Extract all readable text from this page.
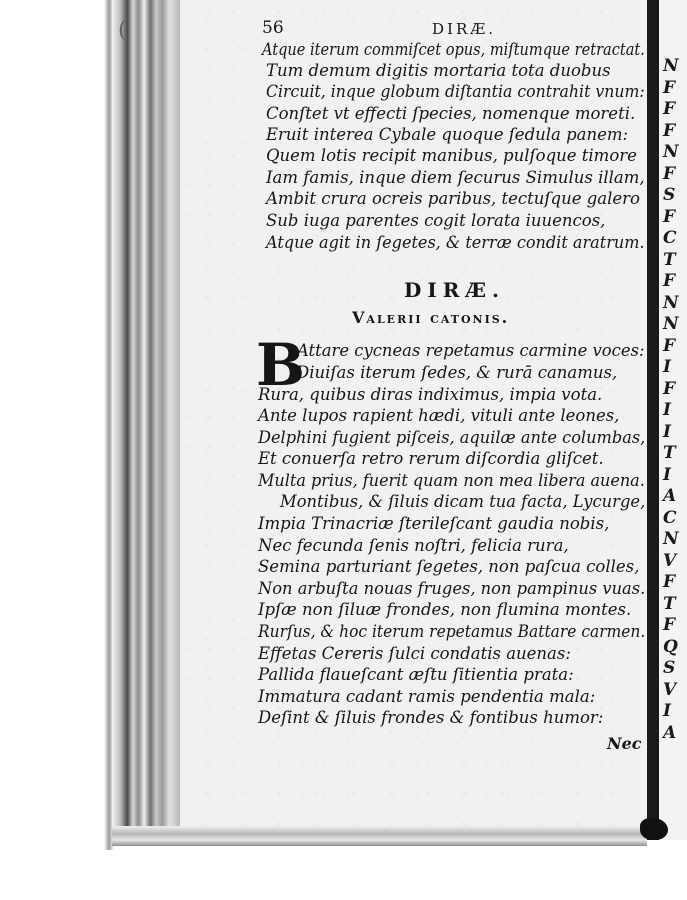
(
N
F
F
F
N
F
S
F
C
T
F
N
N
F
I
F
I
I
T
I
A
C
N
V
F
T
F
Q
S
V
I
A
56	DIRÆ.
Atque iterum commiſcet opus, miſtumque retractat.
Tum demum digitis mortaria tota duobus
Circuit, inque globum diſtantia contrahit vnum:
Conſtet vt effecti ſpecies, nomenque moreti.
Eruit interea Cybale quoque ſedula panem:
Quem lotis recipit manibus, pulſoque timore
Iam famis, inque diem ſecurus Simulus illam,
Ambit crura ocreis paribus, tectuſque galero
Sub iuga parentes cogit lorata iuuencos,
Atque agit in ſegetes, & terræ condit aratrum.
DIRÆ.
Valerii catonis.
B
Attare cycneas repetamus carmine voces:
Diuiſas iterum ſedes, & rurā canamus,
Rura, quibus diras indiximus, impia vota.
Ante lupos rapient hædi, vituli ante leones,
Delphini fugient piſceis, aquilæ ante columbas,
Et conuerſa retro rerum diſcordia gliſcet.
Multa prius, fuerit quam non mea libera auena.
Montibus, & ſiluis dicam tua facta, Lycurge,
Impia Trinacriæ ſterileſcant gaudia nobis,
Nec fecunda ſenis noſtri, felicia rura,
Semina parturiant ſegetes, non paſcua colles,
Non arbuſta nouas fruges, non pampinus vuas.
Ipſæ non ſiluæ frondes, non flumina montes.
Rurſus, & hoc iterum repetamus Battare carmen.
Effetas Cereris ſulci condatis auenas:
Pallida flaueſcant æſtu ſitientia prata:
Immatura cadant ramis pendentia mala:
Deſint & ſiluis frondes & fontibus humor:
Nec
